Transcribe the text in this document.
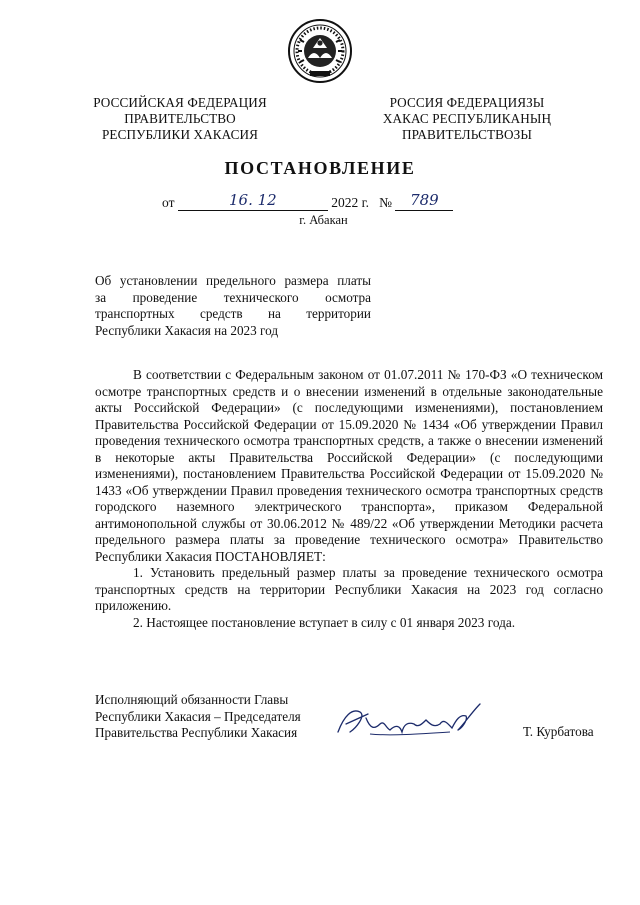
РОССИЙСКАЯ ФЕДЕРАЦИЯ
ПРАВИТЕЛЬСТВО
РЕСПУБЛИКИ ХАКАСИЯ
РОССИЯ ФЕДЕРАЦИЯЗЫ
ХАКАС РЕСПУБЛИКАНЫҢ
ПРАВИТЕЛЬСТВОЗЫ
ПОСТАНОВЛЕНИЕ
от	16. 12	2022 г. № 789
г. Абакан
Об установлении предельного размера платы
за проведение технического осмотра
транспортных средств на территории
Республики Хакасия на 2023 год

В соответствии с Федеральным законом от 01.07.2011 № 170-ФЗ «О техническом осмотре транспортных средств и о внесении изменений в отдельные законодательные акты Российской Федерации» (с последующими изменениями), постановлением Правительства Российской Федерации от 15.09.2020 № 1434 «Об утверждении Правил проведения технического осмотра транспортных средств, а также о внесении изменений в некоторые акты Правительства Российской Федерации» (с последующими изменениями), постановлением Правительства Российской Федерации от 15.09.2020 № 1433 «Об утверждении Правил проведения технического осмотра транспортных средств городского наземного электрического транспорта», приказом Федеральной антимонопольной службы от 30.06.2012 № 489/22 «Об утверждении Методики расчета предельного размера платы за проведение технического осмотра» Правительство Республики Хакасия ПОСТАНОВЛЯЕТ:

1. Установить предельный размер платы за проведение технического осмотра транспортных средств на территории Республики Хакасия на 2023 год согласно приложению.

2. Настоящее постановление вступает в силу с 01 января 2023 года.

Исполняющий обязанности Главы
Республики Хакасия – Председателя
Правительства Республики Хакасия	Т. Курбатова
